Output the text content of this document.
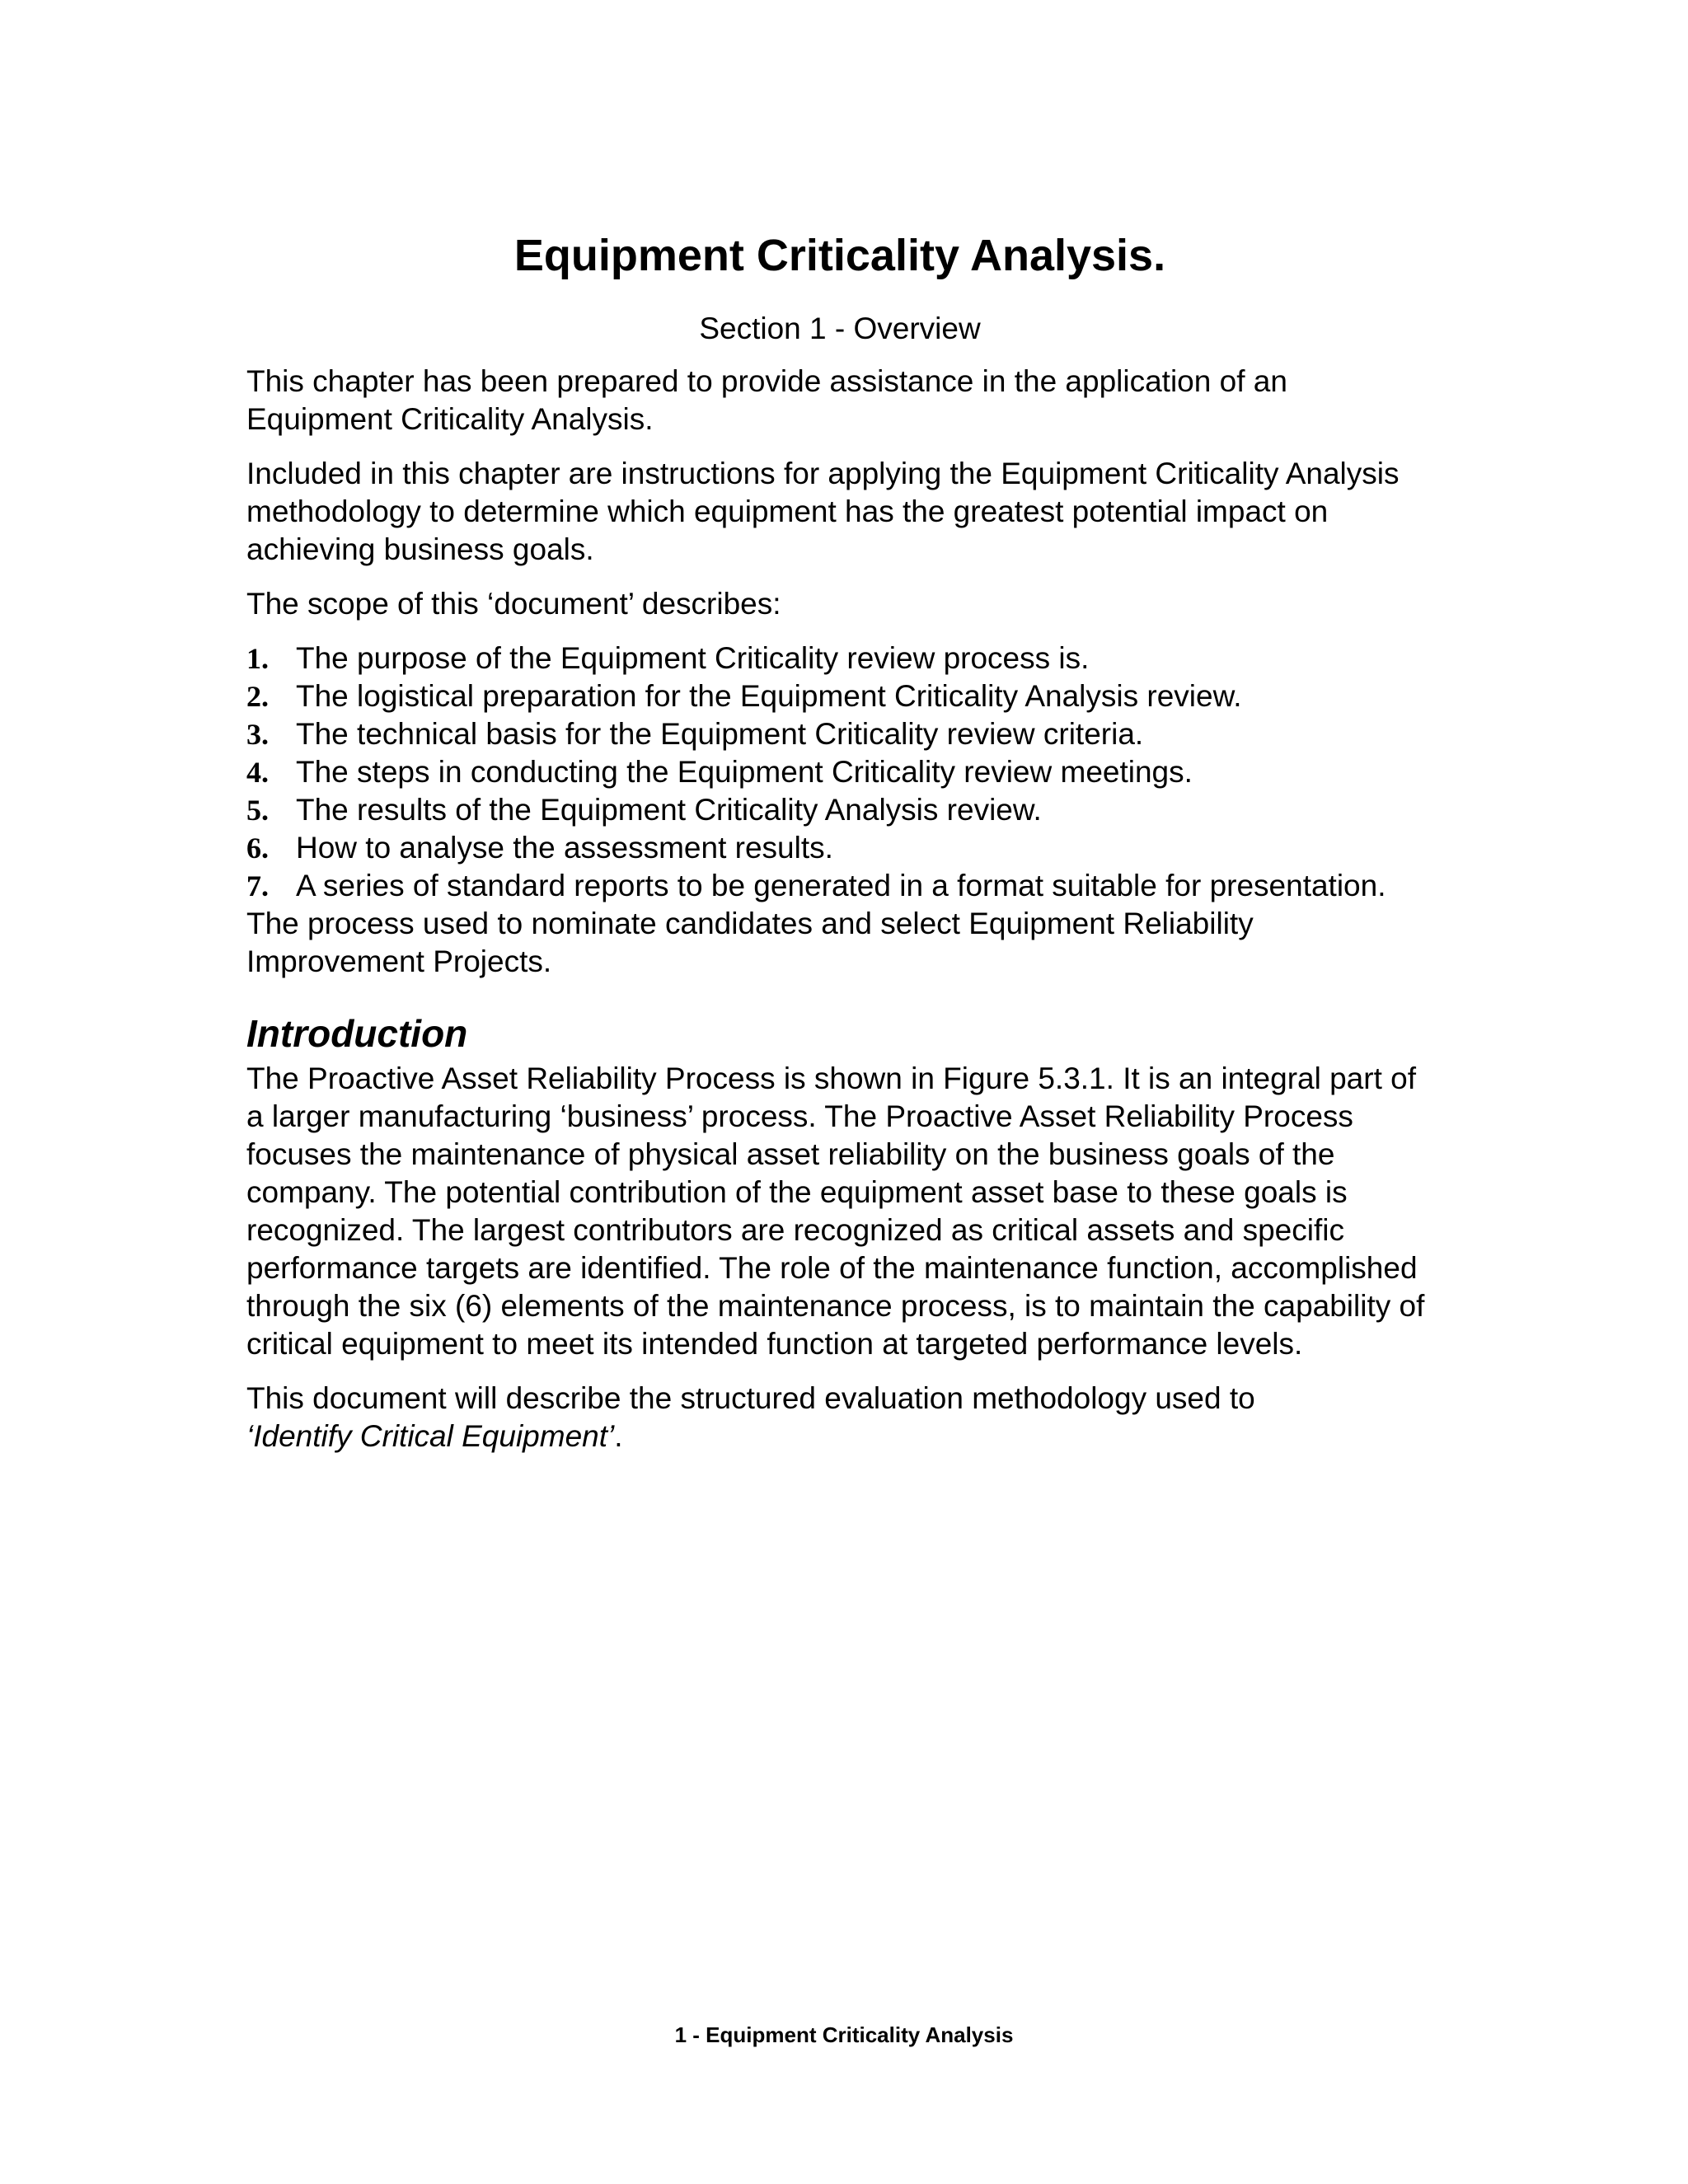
Equipment Criticality Analysis.
Section 1 - Overview

This chapter has been prepared to provide assistance in the application of an Equipment Criticality Analysis.

Included in this chapter are instructions for applying the Equipment Criticality Analysis methodology to determine which equipment has the greatest potential impact on achieving business goals.

The scope of this ‘document’ describes:

1. The purpose of the Equipment Criticality review process is.
2. The logistical preparation for the Equipment Criticality Analysis review.
3. The technical basis for the Equipment Criticality review criteria.
4. The steps in conducting the Equipment Criticality review meetings.
5. The results of the Equipment Criticality Analysis review.
6. How to analyse the assessment results.
7. A series of standard reports to be generated in a format suitable for presentation.

The process used to nominate candidates and select Equipment Reliability Improvement Projects.

Introduction

The Proactive Asset Reliability Process is shown in Figure 5.3.1. It is an integral part of a larger manufacturing ‘business’ process. The Proactive Asset Reliability Process focuses the maintenance of physical asset reliability on the business goals of the company. The potential contribution of the equipment asset base to these goals is recognized. The largest contributors are recognized as critical assets and specific performance targets are identified. The role of the maintenance function, accomplished through the six (6) elements of the maintenance process, is to maintain the capability of critical equipment to meet its intended function at targeted performance levels.

This document will describe the structured evaluation methodology used to
‘Identify Critical Equipment’.

1 - Equipment Criticality Analysis
